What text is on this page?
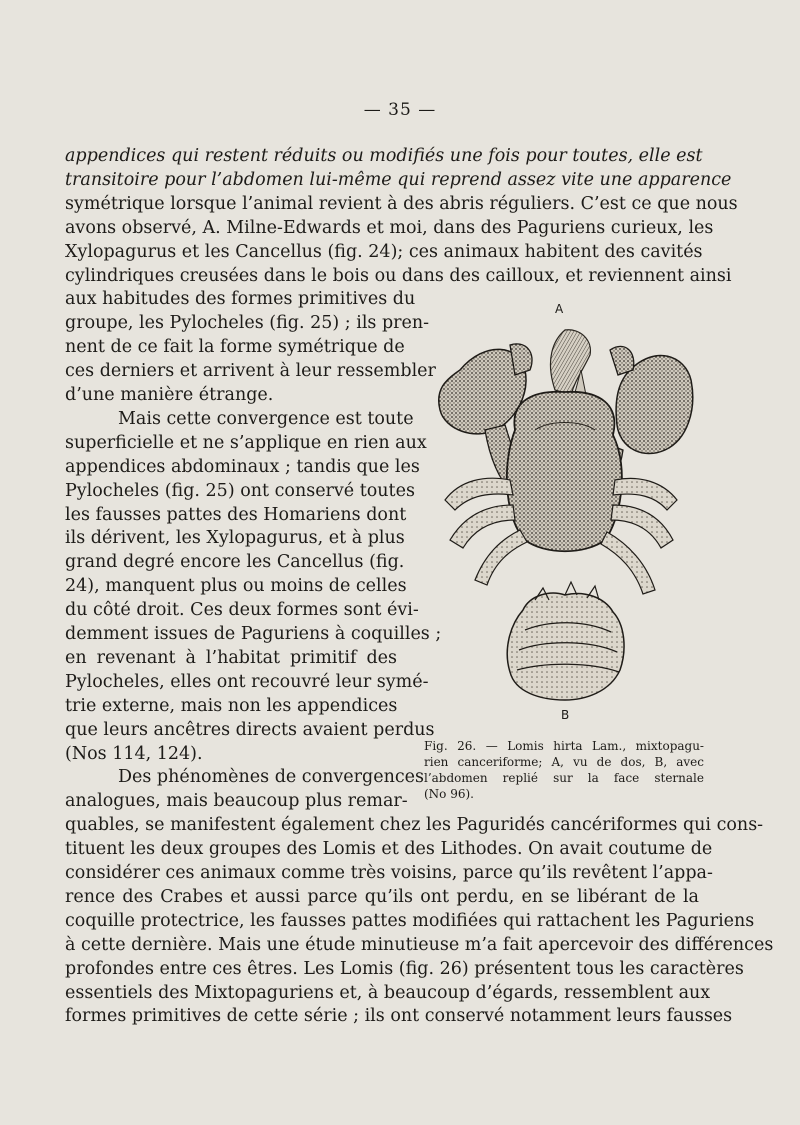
— 35 —
appendices qui restent réduits ou modifiés une fois pour toutes, elle est
transitoire pour l’abdomen lui-même qui reprend assez vite une apparence
symétrique lorsque l’animal revient à des abris réguliers. C’est ce que nous
avons observé, A. Milne-Edwards et moi, dans des Paguriens curieux, les
Xylopagurus et les Cancellus (fig. 24); ces animaux habitent des cavités
cylindriques creusées dans le bois ou dans des cailloux, et reviennent ainsi
aux habitudes des formes primitives du
groupe, les Pylocheles (fig. 25) ; ils pren-
nent de ce fait la forme symétrique de
ces derniers et arrivent à leur ressembler
d’une manière étrange.
Mais cette convergence est toute
superficielle et ne s’applique en rien aux
appendices abdominaux ; tandis que les
Pylocheles (fig. 25) ont conservé toutes
les fausses pattes des Homariens dont
ils dérivent, les Xylopagurus, et à plus
grand degré encore les Cancellus (fig.
24), manquent plus ou moins de celles
du côté droit. Ces deux formes sont évi-
demment issues de Paguriens à coquilles ;
en revenant à l’habitat primitif des
Pylocheles, elles ont recouvré leur symé-
trie externe, mais non les appendices
que leurs ancêtres directs avaient perdus
(Nos 114, 124).
Des phénomènes de convergences
analogues, mais beaucoup plus remar-
quables, se manifestent également chez les Paguridés cancériformes qui cons-
tituent les deux groupes des Lomis et des Lithodes. On avait coutume de
considérer ces animaux comme très voisins, parce qu’ils revêtent l’appa-
rence des Crabes et aussi parce qu’ils ont perdu, en se libérant de la
coquille protectrice, les fausses pattes modifiées qui rattachent les Paguriens
à cette dernière. Mais une étude minutieuse m’a fait apercevoir des différences
profondes entre ces êtres. Les Lomis (fig. 26) présentent tous les caractères
essentiels des Mixtopaguriens et, à beaucoup d’égards, ressemblent aux
formes primitives de cette série ; ils ont conservé notamment leurs fausses
A
B
Fig. 26. — Lomis hirta Lam., mixtopagu-
rien canceriforme; A, vu de dos, B, avec
l’abdomen replié sur la face sternale
(No 96).
